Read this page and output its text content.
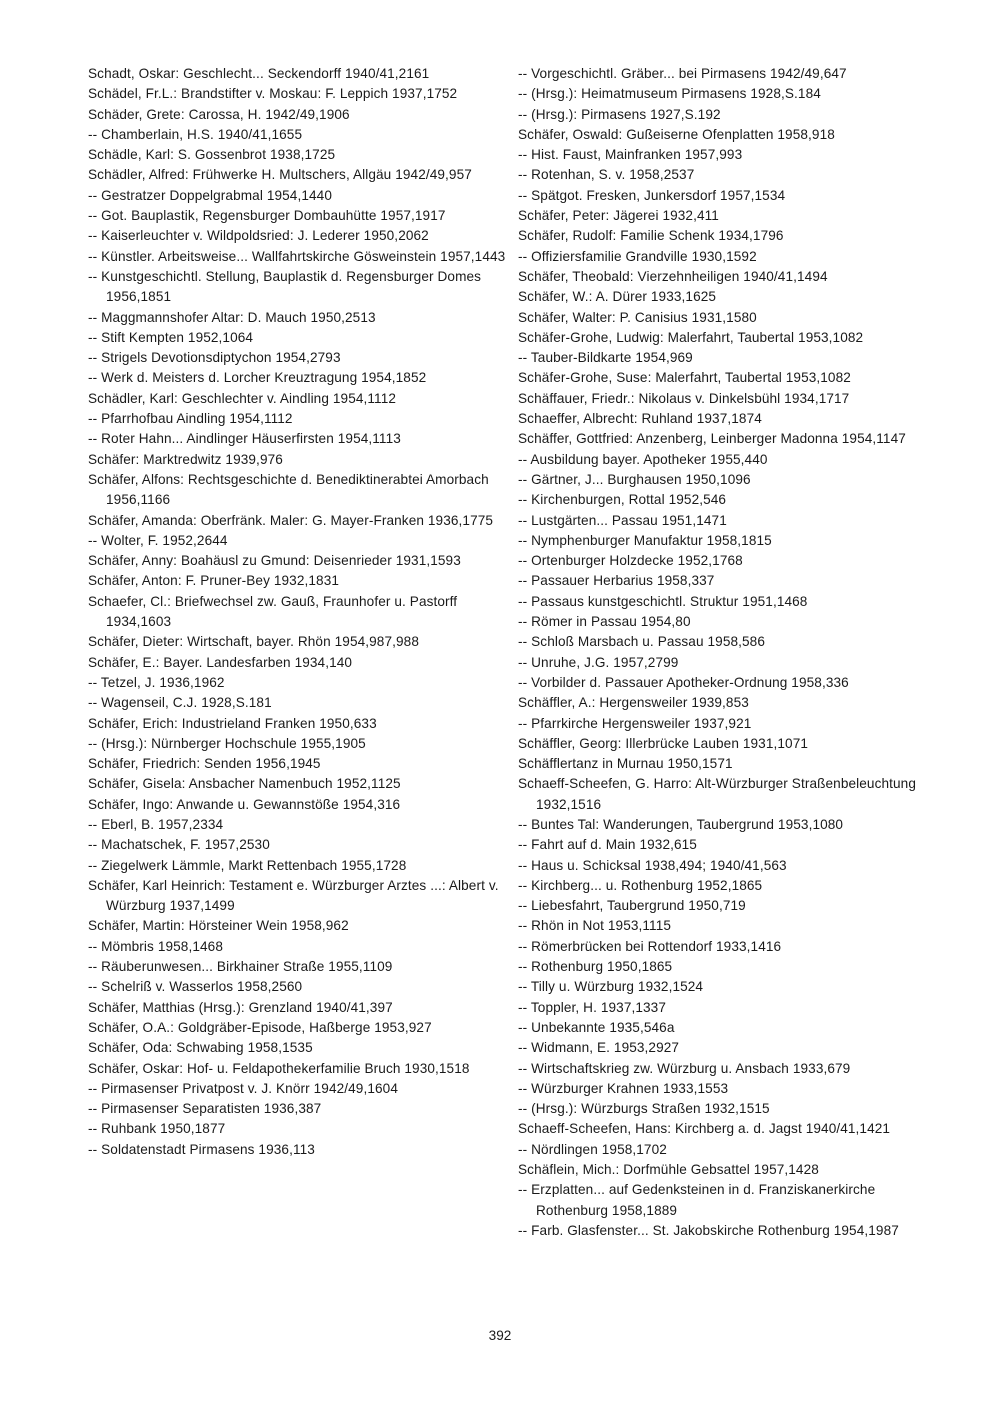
Schadt, Oskar: Geschlecht... Seckendorff 1940/41,2161
Schädel, Fr.L.: Brandstifter v. Moskau: F. Leppich 1937,1752
Schäder, Grete: Carossa, H. 1942/49,1906
-- Chamberlain, H.S. 1940/41,1655
Schädle, Karl: S. Gossenbrot 1938,1725
Schädler, Alfred: Frühwerke H. Multschers, Allgäu 1942/49,957
-- Gestratzer Doppelgrabmal 1954,1440
-- Got. Bauplastik, Regensburger Dombauhütte 1957,1917
-- Kaiserleuchter v. Wildpoldsried: J. Lederer 1950,2062
-- Künstler. Arbeitsweise... Wallfahrtskirche Gösweinstein 1957,1443
-- Kunstgeschichtl. Stellung, Bauplastik d. Regensburger Domes 1956,1851
-- Maggmannshofer Altar: D. Mauch 1950,2513
-- Stift Kempten 1952,1064
-- Strigels Devotionsdiptychon 1954,2793
-- Werk d. Meisters d. Lorcher Kreuztragung 1954,1852
Schädler, Karl: Geschlechter v. Aindling 1954,1112
-- Pfarrhofbau Aindling 1954,1112
-- Roter Hahn... Aindlinger Häuserfirsten 1954,1113
Schäfer: Marktredwitz 1939,976
Schäfer, Alfons: Rechtsgeschichte d. Benediktinerabtei Amorbach 1956,1166
Schäfer, Amanda: Oberfränk. Maler: G. Mayer-Franken 1936,1775
-- Wolter, F. 1952,2644
Schäfer, Anny: Boahäusl zu Gmund: Deisenrieder 1931,1593
Schäfer, Anton: F. Pruner-Bey 1932,1831
Schaefer, Cl.: Briefwechsel zw. Gauß, Fraunhofer u. Pastorff 1934,1603
Schäfer, Dieter: Wirtschaft, bayer. Rhön 1954,987,988
Schäfer, E.: Bayer. Landesfarben 1934,140
-- Tetzel, J. 1936,1962
-- Wagenseil, C.J. 1928,S.181
Schäfer, Erich: Industrieland Franken 1950,633
-- (Hrsg.): Nürnberger Hochschule 1955,1905
Schäfer, Friedrich: Senden 1956,1945
Schäfer, Gisela: Ansbacher Namenbuch 1952,1125
Schäfer, Ingo: Anwande u. Gewannstöße 1954,316
-- Eberl, B. 1957,2334
-- Machatschek, F. 1957,2530
-- Ziegelwerk Lämmle, Markt Rettenbach 1955,1728
Schäfer, Karl Heinrich: Testament e. Würzburger Arztes ...: Albert v. Würzburg 1937,1499
Schäfer, Martin: Hörsteiner Wein 1958,962
-- Mömbris 1958,1468
-- Räuberunwesen... Birkhainer Straße 1955,1109
-- Schelriß v. Wasserlos 1958,2560
Schäfer, Matthias (Hrsg.): Grenzland 1940/41,397
Schäfer, O.A.: Goldgräber-Episode, Haßberge 1953,927
Schäfer, Oda: Schwabing 1958,1535
Schäfer, Oskar: Hof- u. Feldapothekerfamilie Bruch 1930,1518
-- Pirmasenser Privatpost v. J. Knörr 1942/49,1604
-- Pirmasenser Separatisten 1936,387
-- Ruhbank 1950,1877
-- Soldatenstadt Pirmasens 1936,113
-- Vorgeschichtl. Gräber... bei Pirmasens 1942/49,647
-- (Hrsg.): Heimatmuseum Pirmasens 1928,S.184
-- (Hrsg.): Pirmasens 1927,S.192
Schäfer, Oswald: Gußeiserne Ofenplatten 1958,918
-- Hist. Faust, Mainfranken 1957,993
-- Rotenhan, S. v. 1958,2537
-- Spätgot. Fresken, Junkersdorf 1957,1534
Schäfer, Peter: Jägerei 1932,411
Schäfer, Rudolf: Familie Schenk 1934,1796
-- Offiziersfamilie Grandville 1930,1592
Schäfer, Theobald: Vierzehnheiligen 1940/41,1494
Schäfer, W.: A. Dürer 1933,1625
Schäfer, Walter: P. Canisius 1931,1580
Schäfer-Grohe, Ludwig: Malerfahrt, Taubertal 1953,1082
-- Tauber-Bildkarte 1954,969
Schäfer-Grohe, Suse: Malerfahrt, Taubertal 1953,1082
Schäffauer, Friedr.: Nikolaus v. Dinkelsbühl 1934,1717
Schaeffer, Albrecht: Ruhland 1937,1874
Schäffer, Gottfried: Anzenberg, Leinberger Madonna 1954,1147
-- Ausbildung bayer. Apotheker 1955,440
-- Gärtner, J... Burghausen 1950,1096
-- Kirchenburgen, Rottal 1952,546
-- Lustgärten... Passau 1951,1471
-- Nymphenburger Manufaktur 1958,1815
-- Ortenburger Holzdecke 1952,1768
-- Passauer Herbarius 1958,337
-- Passaus kunstgeschichtl. Struktur 1951,1468
-- Römer in Passau 1954,80
-- Schloß Marsbach u. Passau 1958,586
-- Unruhe, J.G. 1957,2799
-- Vorbilder d. Passauer Apotheker-Ordnung 1958,336
Schäffler, A.: Hergensweiler 1939,853
-- Pfarrkirche Hergensweiler 1937,921
Schäffler, Georg: Illerbrücke Lauben 1931,1071
Schäfflertanz in Murnau 1950,1571
Schaeff-Scheefen, G. Harro: Alt-Würzburger Straßenbeleuchtung 1932,1516
-- Buntes Tal: Wanderungen, Taubergrund 1953,1080
-- Fahrt auf d. Main 1932,615
-- Haus u. Schicksal 1938,494; 1940/41,563
-- Kirchberg... u. Rothenburg 1952,1865
-- Liebesfahrt, Taubergrund 1950,719
-- Rhön in Not 1953,1115
-- Römerbrücken bei Rottendorf 1933,1416
-- Rothenburg 1950,1865
-- Tilly u. Würzburg 1932,1524
-- Toppler, H. 1937,1337
-- Unbekannte 1935,546a
-- Widmann, E. 1953,2927
-- Wirtschaftskrieg zw. Würzburg u. Ansbach 1933,679
-- Würzburger Krahnen 1933,1553
-- (Hrsg.): Würzburgs Straßen 1932,1515
Schaeff-Scheefen, Hans: Kirchberg a. d. Jagst 1940/41,1421
-- Nördlingen 1958,1702
Schäflein, Mich.: Dorfmühle Gebsattel 1957,1428
-- Erzplatten... auf Gedenksteinen in d. Franziskanerkirche Rothenburg 1958,1889
-- Farb. Glasfenster... St. Jakobskirche Rothenburg 1954,1987
392
